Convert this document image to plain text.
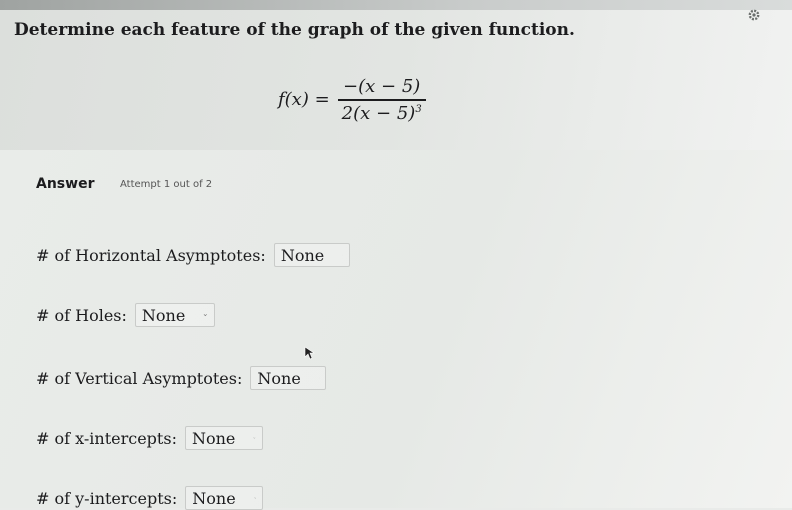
Determine each feature of the graph of the given function.
$f(x) = \frac{-(x - 5)}{2(x - 5)^3}$
Answer	Attempt 1 out of 2
# of Horizontal Asymptotes: None
# of Holes: None
# of Vertical Asymptotes: None
# of x-intercepts: None
# of y-intercepts: None
